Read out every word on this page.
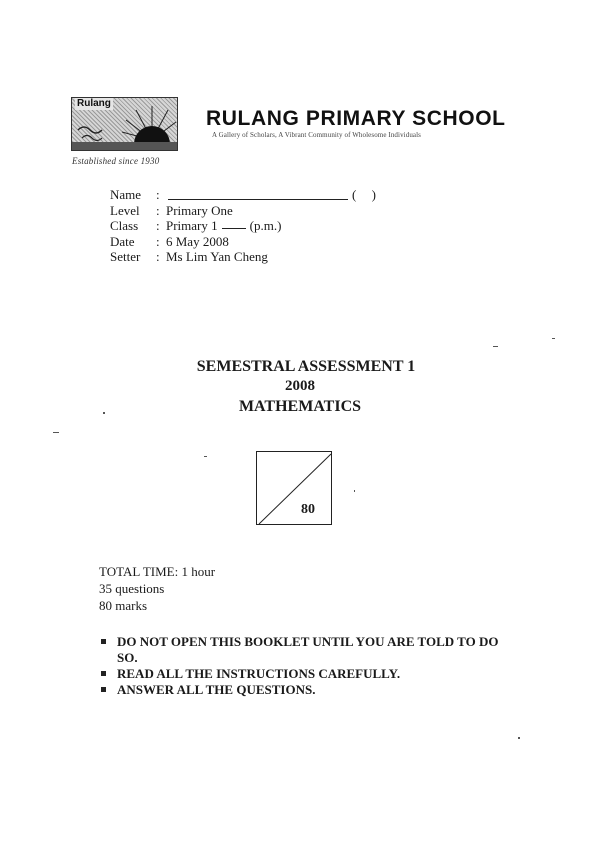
Rulang
Established since 1930
RULANG PRIMARY SCHOOL
A Gallery of Scholars, A Vibrant Community of Wholesome Individuals
Name	:	( )
Level	: Primary One
Class	: Primary 1 (p.m.)
Date	: 6 May 2008
Setter	: Ms Lim Yan Cheng
SEMESTRAL ASSESSMENT 1
2008
MATHEMATICS
80
TOTAL TIME: 1 hour
35 questions
80 marks
DO NOT OPEN THIS BOOKLET UNTIL YOU ARE TOLD TO DO SO.
READ ALL THE INSTRUCTIONS CAREFULLY.
ANSWER ALL THE QUESTIONS.
